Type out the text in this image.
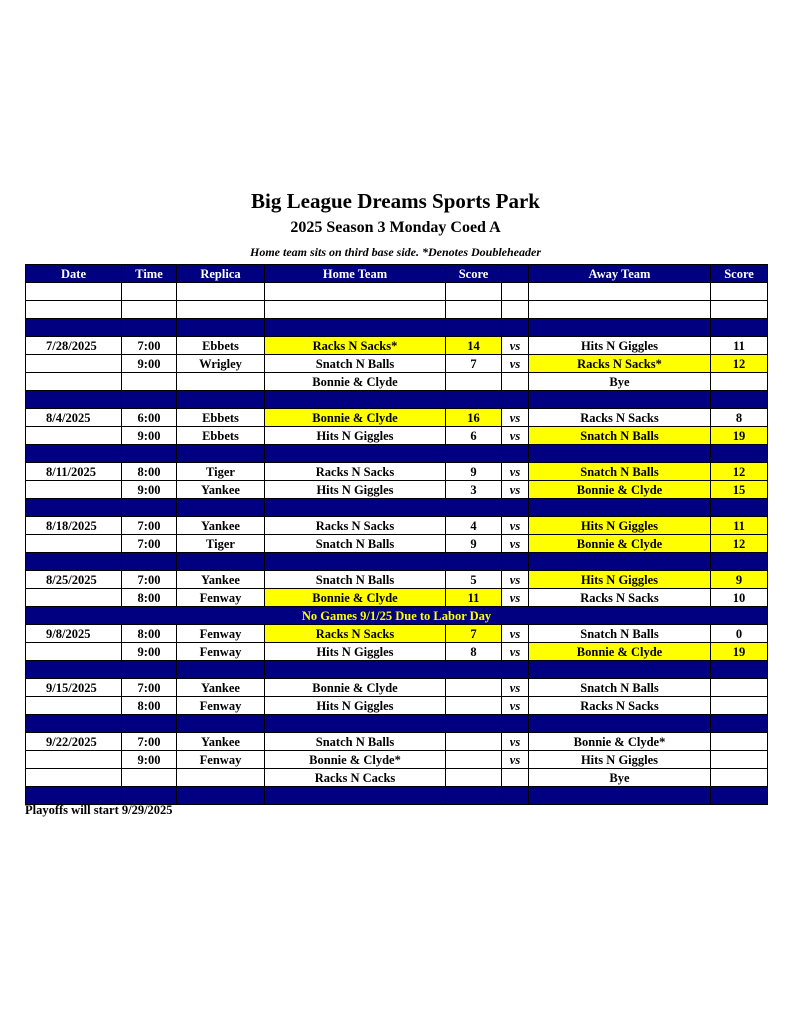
Big League Dreams Sports Park
2025 Season 3 Monday Coed A
Home team sits on third base side. *Denotes Doubleheader
Date	Time	Replica	Home Team	Score		Away Team	Score

7/28/2025	7:00	Ebbets	Racks N Sacks*	14	vs	Hits N Giggles	11
	9:00	Wrigley	Snatch N Balls	7	vs	Racks N Sacks*	12
			Bonnie & Clyde			Bye	

8/4/2025	6:00	Ebbets	Bonnie & Clyde	16	vs	Racks N Sacks	8
	9:00	Ebbets	Hits N Giggles	6	vs	Snatch N Balls	19

8/11/2025	8:00	Tiger	Racks N Sacks	9	vs	Snatch N Balls	12
	9:00	Yankee	Hits N Giggles	3	vs	Bonnie & Clyde	15

8/18/2025	7:00	Yankee	Racks N Sacks	4	vs	Hits N Giggles	11
	7:00	Tiger	Snatch N Balls	9	vs	Bonnie & Clyde	12

8/25/2025	7:00	Yankee	Snatch N Balls	5	vs	Hits N Giggles	9
	8:00	Fenway	Bonnie & Clyde	11	vs	Racks N Sacks	10
No Games 9/1/25 Due to Labor Day							
9/8/2025	8:00	Fenway	Racks N Sacks	7	vs	Snatch N Balls	0
	9:00	Fenway	Hits N Giggles	8	vs	Bonnie & Clyde	19

9/15/2025	7:00	Yankee	Bonnie & Clyde		vs	Snatch N Balls	
	8:00	Fenway	Hits N Giggles		vs	Racks N Sacks	

9/22/2025	7:00	Yankee	Snatch N Balls		vs	Bonnie & Clyde*	
	9:00	Fenway	Bonnie & Clyde*		vs	Hits N Giggles	
			Racks N Cacks			Bye	

Playoffs will start 9/29/2025
